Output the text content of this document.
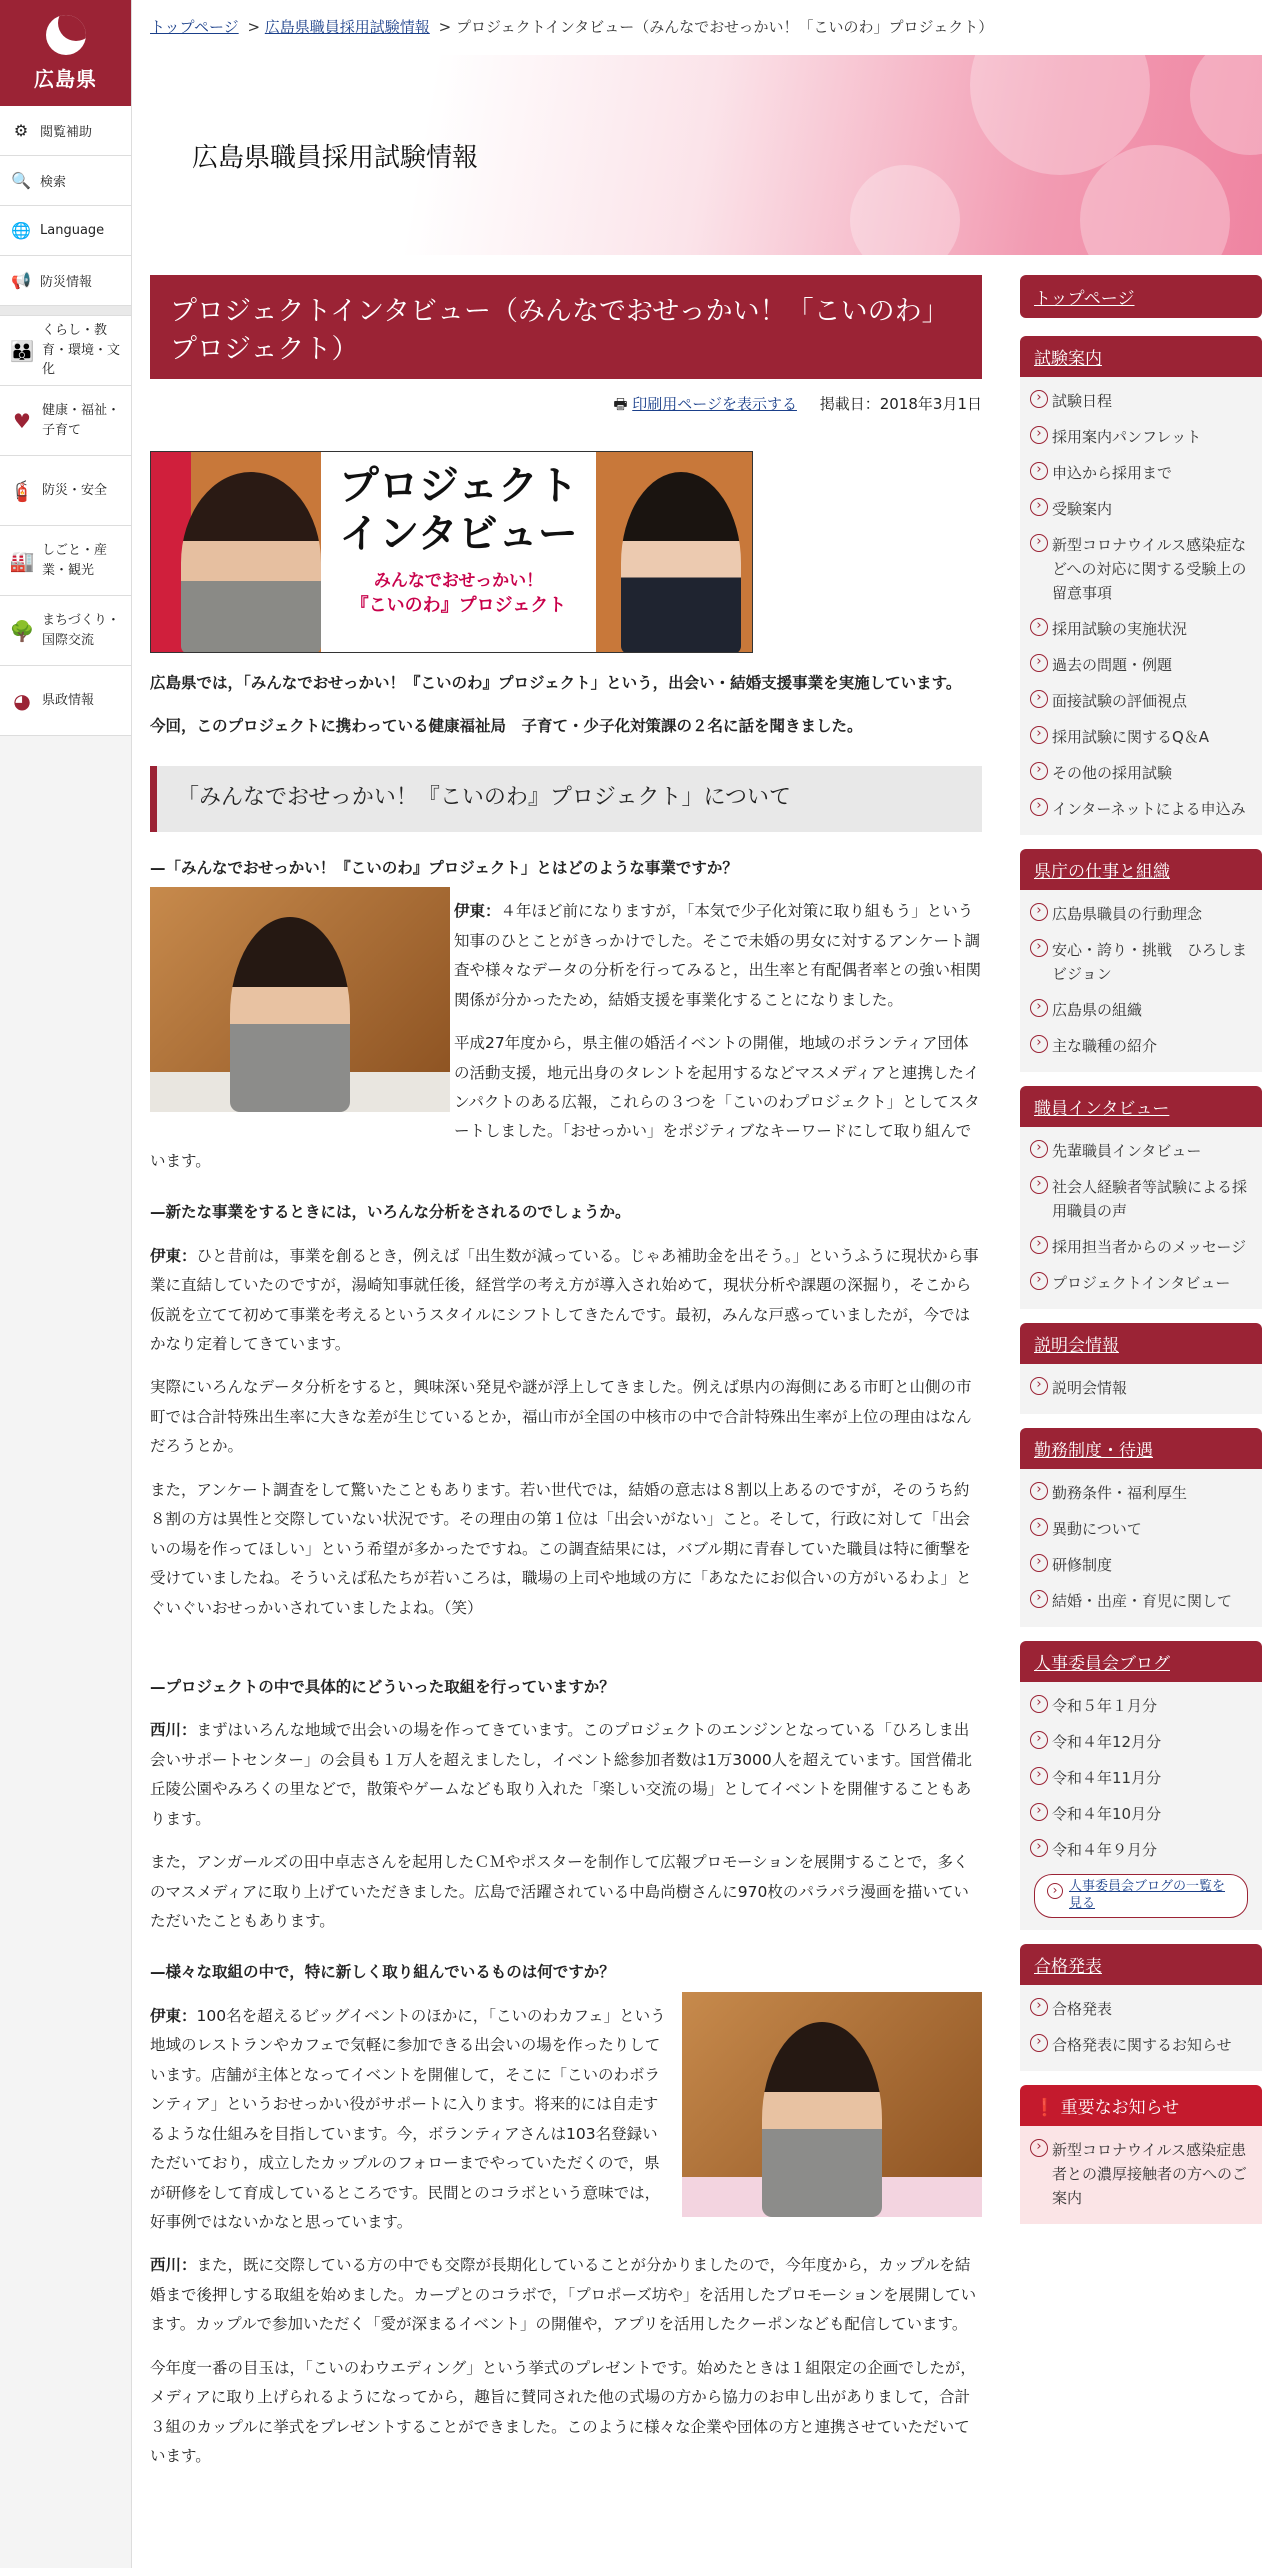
広島県
⚙ 閲覧補助
🔍 検索
🌐 Language
📢 防災情報
👪
くらし・教育・環境・文化
♥ 健康・福祉・子育て
🧯 防災・安全
🏭 しごと・産業・観光
🌳 まちづくり・国際交流
◕ 県政情報
トップページ > 広島県職員採用試験情報 > プロジェクトインタビュー（みんなでおせっかい！「こいのわ」プロジェクト）
広島県職員採用試験情報
プロジェクトインタビュー（みんなでおせっかい！「こいのわ」プロジェクト）
🖶 印刷用ページを表示する 掲載日：2018年3月1日
プロジェクト インタビュー
みんなでおせっかい！
『こいのわ』プロジェクト

広島県では，「みんなでおせっかい！『こいのわ』プロジェクト」という，出会い・結婚支援事業を実施しています。

今回，このプロジェクトに携わっている健康福祉局　子育て・少子化対策課の２名に話を聞きました。

「みんなでおせっかい！『こいのわ』プロジェクト」について

—「みんなでおせっかい！『こいのわ』プロジェクト」とはどのような事業ですか？

伊東：４年ほど前になりますが，「本気で少子化対策に取り組もう」という知事のひとことがきっかけでした。そこで未婚の男女に対するアンケート調査や様々なデータの分析を行ってみると，出生率と有配偶者率との強い相関関係が分かったため，結婚支援を事業化することになりました。

平成27年度から，県主催の婚活イベントの開催，地域のボランティア団体の活動支援，地元出身のタレントを起用するなどマスメディアと連携したインパクトのある広報，これらの３つを「こいのわプロジェクト」としてスタートしました。「おせっかい」をポジティブなキーワードにして取り組んでいます。

—新たな事業をするときには，いろんな分析をされるのでしょうか。

伊東：ひと昔前は，事業を創るとき，例えば「出生数が減っている。じゃあ補助金を出そう。」というふうに現状から事業に直結していたのですが，湯崎知事就任後，経営学の考え方が導入され始めて，現状分析や課題の深掘り，そこから仮説を立てて初めて事業を考えるというスタイルにシフトしてきたんです。最初，みんな戸惑っていましたが，今ではかなり定着してきています。

実際にいろんなデータ分析をすると，興味深い発見や謎が浮上してきました。例えば県内の海側にある市町と山側の市町では合計特殊出生率に大きな差が生じているとか，福山市が全国の中核市の中で合計特殊出生率が上位の理由はなんだろうとか。

また，アンケート調査をして驚いたこともあります。若い世代では，結婚の意志は８割以上あるのですが，そのうち約８割の方は異性と交際していない状況です。その理由の第１位は「出会いがない」こと。そして，行政に対して「出会いの場を作ってほしい」という希望が多かったですね。この調査結果には，バブル期に青春していた職員は特に衝撃を受けていましたね。そういえば私たちが若いころは，職場の上司や地域の方に「あなたにお似合いの方がいるわよ」とぐいぐいおせっかいされていましたよね。（笑）

—プロジェクトの中で具体的にどういった取組を行っていますか？

西川：まずはいろんな地域で出会いの場を作ってきています。このプロジェクトのエンジンとなっている「ひろしま出会いサポートセンター」の会員も１万人を超えましたし，イベント総参加者数は1万3000人を超えています。国営備北丘陵公園やみろくの里などで，散策やゲームなども取り入れた「楽しい交流の場」としてイベントを開催することもあります。

また，アンガールズの田中卓志さんを起用したＣＭやポスターを制作して広報プロモーションを展開することで，多くのマスメディアに取り上げていただきました。広島で活躍されている中島尚樹さんに970枚のパラパラ漫画を描いていただいたこともあります。

—様々な取組の中で，特に新しく取り組んでいるものは何ですか？

伊東：100名を超えるビッグイベントのほかに，「こいのわカフェ」という地域のレストランやカフェで気軽に参加できる出会いの場を作ったりしています。店舗が主体となってイベントを開催して，そこに「こいのわボランティア」というおせっかい役がサポートに入ります。将来的には自走するような仕組みを目指しています。今，ボランティアさんは103名登録いただいており，成立したカップルのフォローまでやっていただくので，県が研修をして育成しているところです。民間とのコラボという意味では，好事例ではないかなと思っています。

西川：また，既に交際している方の中でも交際が長期化していることが分かりましたので，今年度から，カップルを結婚まで後押しする取組を始めました。カープとのコラボで，「プロポーズ坊や」を活用したプロモーションを展開しています。カップルで参加いただく「愛が深まるイベント」の開催や，アプリを活用したクーポンなども配信しています。

今年度一番の目玉は，「こいのわウエディング」という挙式のプレゼントです。始めたときは１組限定の企画でしたが，メディアに取り上げられるようになってから，趣旨に賛同された他の式場の方から協力のお申し出がありまして，合計３組のカップルに挙式をプレゼントすることができました。このように様々な企業や団体の方と連携させていただいています。

トップページ
試験案内
› 試験日程
› 採用案内パンフレット
› 申込から採用まで
› 受験案内
› 新型コロナウイルス感染症などへの対応に関する受験上の留意事項
› 採用試験の実施状況
› 過去の問題・例題
› 面接試験の評価視点
› 採用試験に関するQ＆A
› その他の採用試験
› インターネットによる申込み
県庁の仕事と組織
› 広島県職員の行動理念
› 安心・誇り・挑戦　ひろしまビジョン
› 広島県の組織
› 主な職種の紹介
職員インタビュー
› 先輩職員インタビュー
› 社会人経験者等試験による採用職員の声
› 採用担当者からのメッセージ
› プロジェクトインタビュー
説明会情報
› 説明会情報
勤務制度・待遇
› 勤務条件・福利厚生
› 異動について
› 研修制度
› 結婚・出産・育児に関して
人事委員会ブログ
› 令和５年１月分
› 令和４年12月分
› 令和４年11月分
› 令和４年10月分
› 令和４年９月分
› 人事委員会ブログの一覧を見る
合格発表
› 合格発表
› 合格発表に関するお知らせ
❗ 重要なお知らせ
› 新型コロナウイルス感染症患者との濃厚接触者の方へのご案内
